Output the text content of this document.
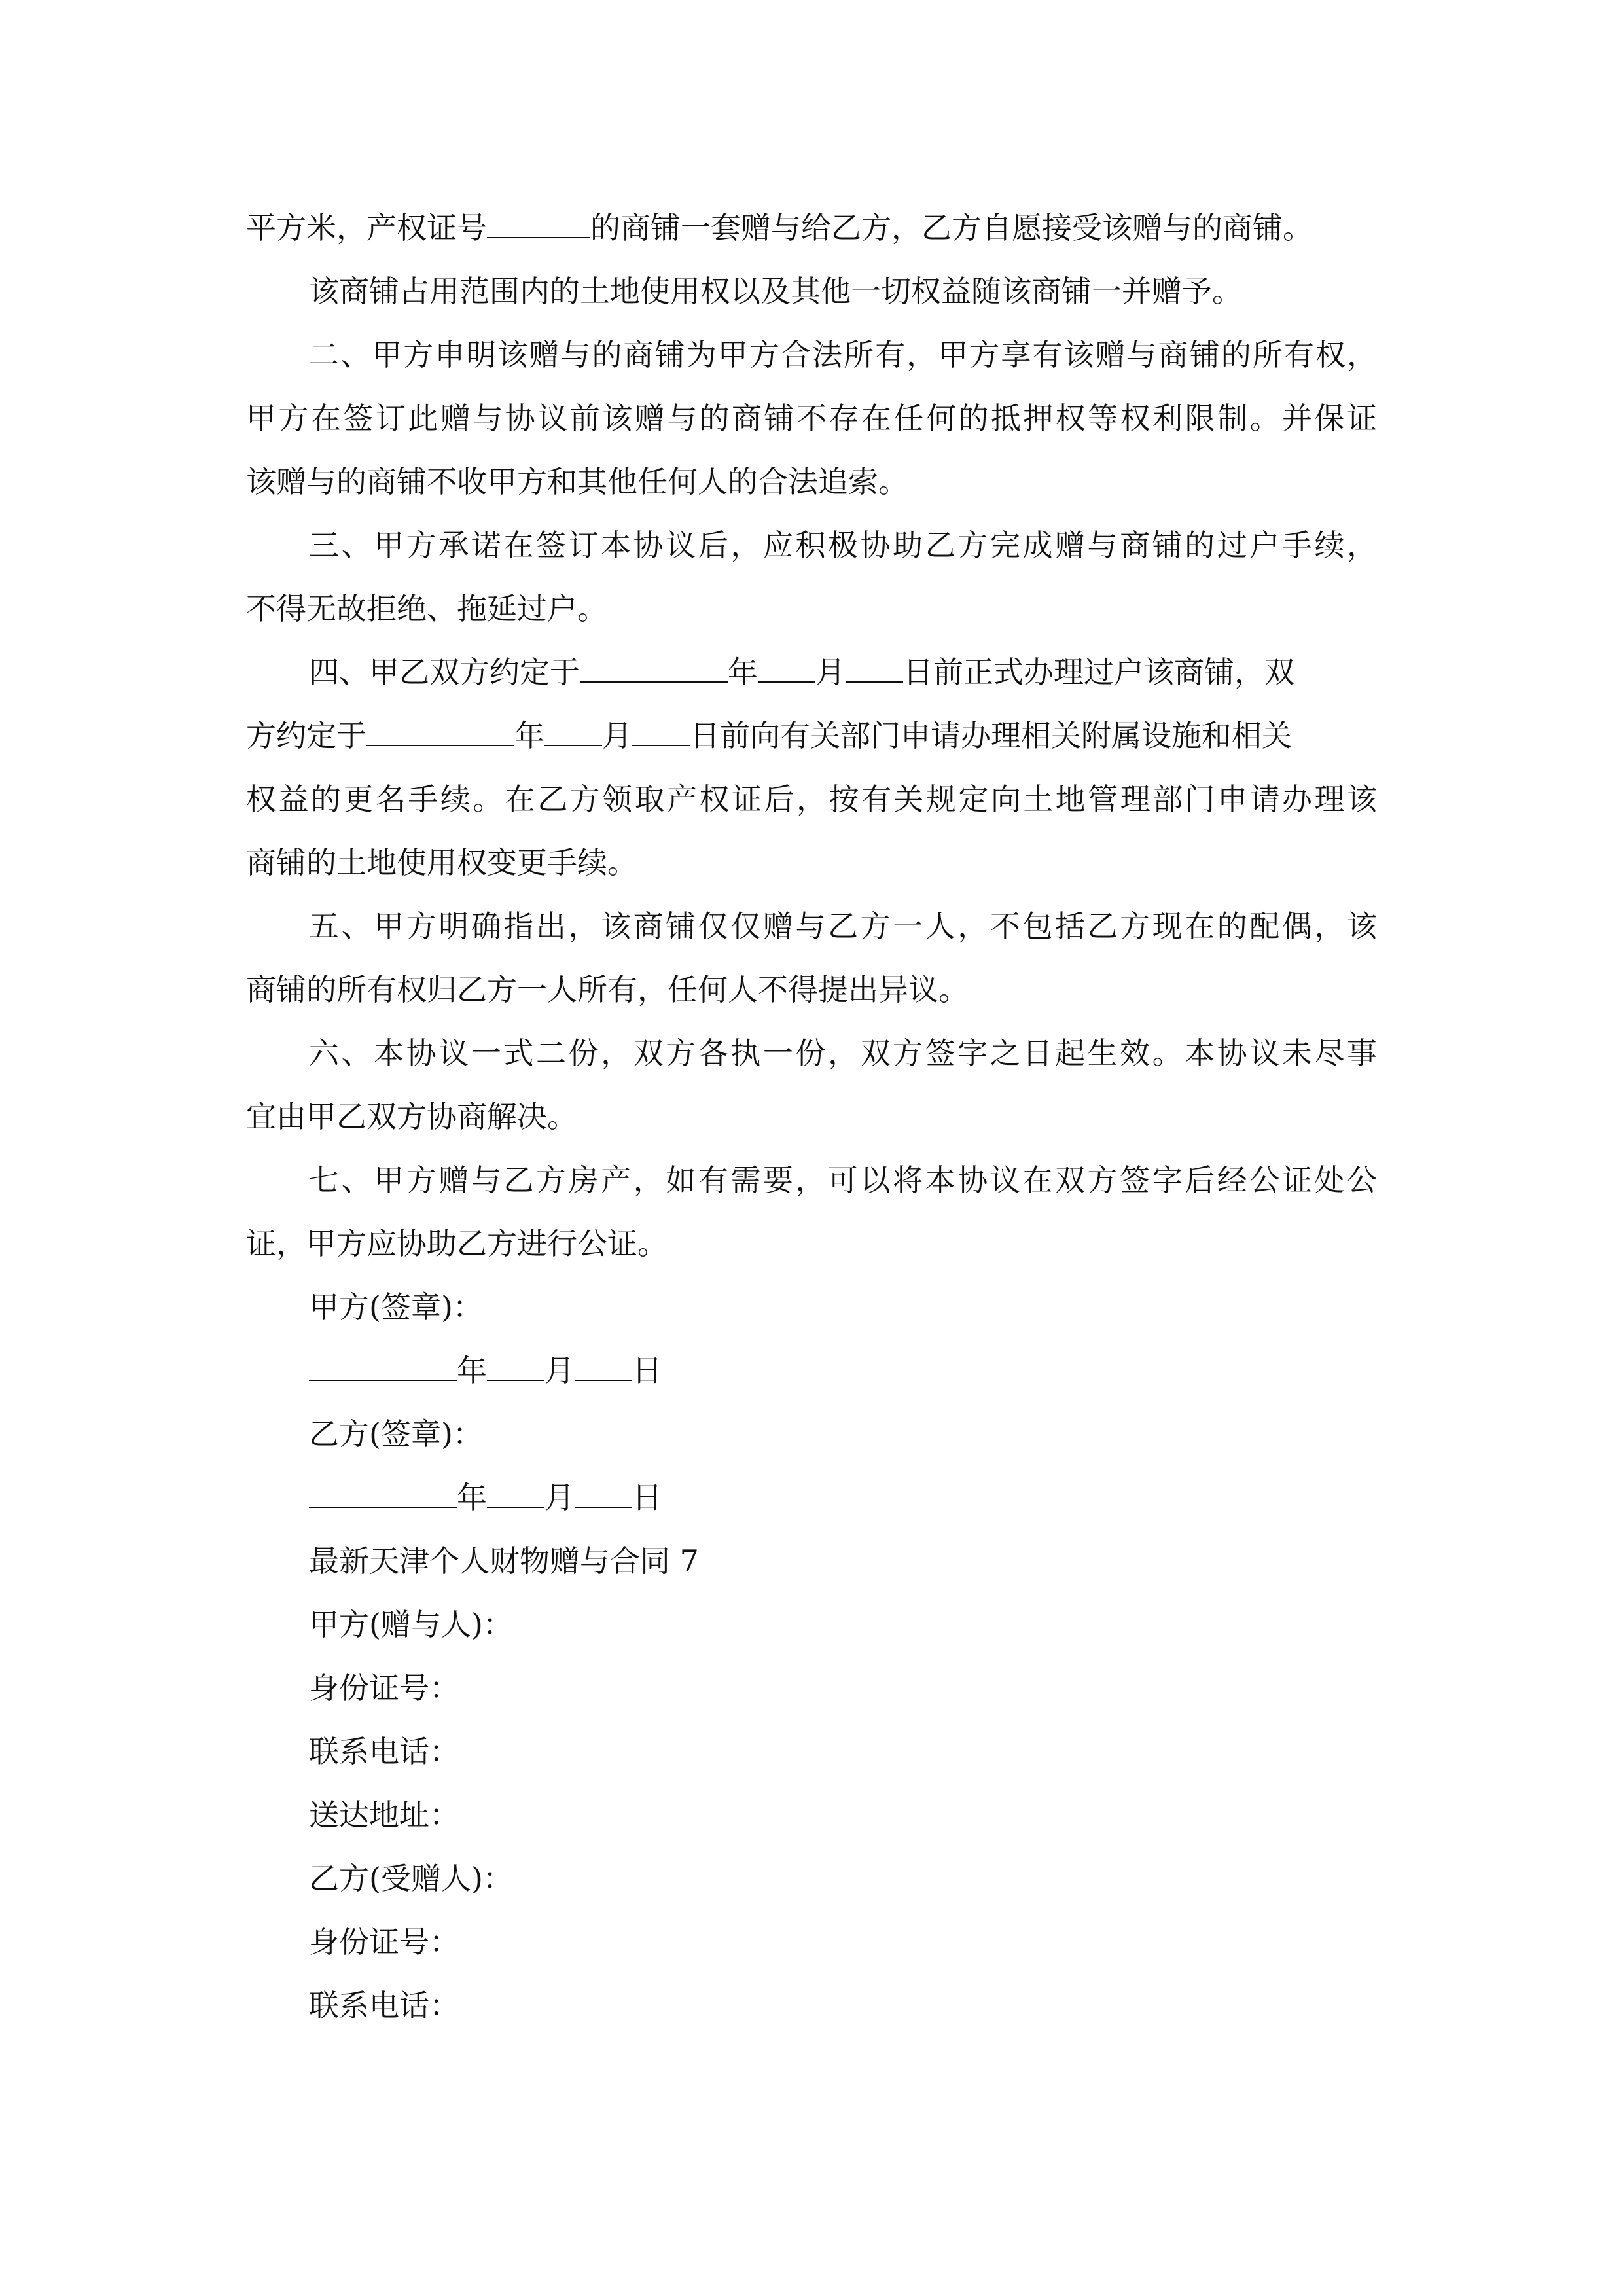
平方米，产权证号	的商铺一套赠与给乙方，乙方自愿接受该赠与的商铺。
该商铺占用范围内的土地使用权以及其他一切权益随该商铺一并赠予。
二、甲方申明该赠与的商铺为甲方合法所有，甲方享有该赠与商铺的所有权，
甲方在签订此赠与协议前该赠与的商铺不存在任何的抵押权等权利限制。并保证
该赠与的商铺不收甲方和其他任何人的合法追索。
三、甲方承诺在签订本协议后，应积极协助乙方完成赠与商铺的过户手续，
不得无故拒绝、拖延过户。
四、甲乙双方约定于	年 月 日前正式办理过户该商铺，双
方约定于	年 月 日前向有关部门申请办理相关附属设施和相关
权益的更名手续。在乙方领取产权证后，按有关规定向土地管理部门申请办理该
商铺的土地使用权变更手续。
五、甲方明确指出，该商铺仅仅赠与乙方一人，不包括乙方现在的配偶，该
商铺的所有权归乙方一人所有，任何人不得提出异议。
六、本协议一式二份，双方各执一份，双方签字之日起生效。本协议未尽事
宜由甲乙双方协商解决。
七、甲方赠与乙方房产，如有需要，可以将本协议在双方签字后经公证处公
证，甲方应协助乙方进行公证。
甲方(签章)：
年 月 日
乙方(签章)：
年 月 日
最新天津个人财物赠与合同 7
甲方(赠与人)：
身份证号：
联系电话：
送达地址：
乙方(受赠人)：
身份证号：
联系电话：
